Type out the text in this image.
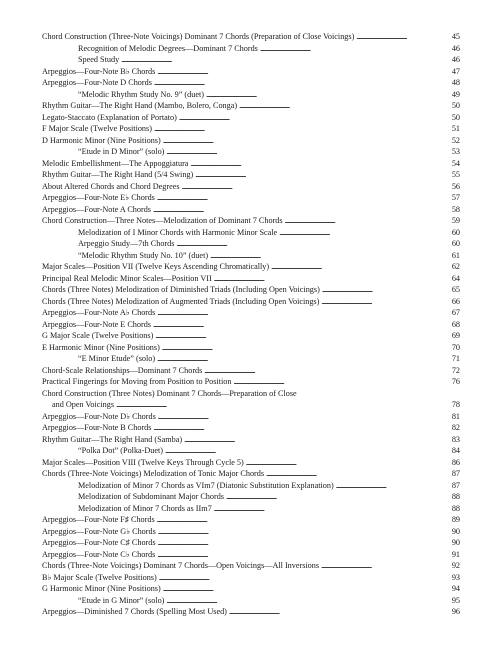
Chord Construction (Three-Note Voicings) Dominant 7 Chords (Preparation of Close Voicings) . . .	45
Recognition of Melodic Degrees—Dominant 7 Chords . . .	46
Speed Study . . .	46
Arpeggios—Four-Note B♭ Chords . . .	47
Arpeggios—Four-Note D Chords . . .	48
“Melodic Rhythm Study No. 9” (duet) . . .	49
Rhythm Guitar—The Right Hand (Mambo, Bolero, Conga) . . .	50
Legato-Staccato (Explanation of Portato) . . .	50
F Major Scale (Twelve Positions) . . .	51
D Harmonic Minor (Nine Positions) . . .	52
“Etude in D Minor” (solo) . . .	53
Melodic Embellishment—The Appoggiatura . . .	54
Rhythm Guitar—The Right Hand (5/4 Swing) . . .	55
About Altered Chords and Chord Degrees . . .	56
Arpeggios—Four-Note E♭ Chords . . .	57
Arpeggios—Four-Note A Chords . . .	58
Chord Construction—Three Notes—Melodization of Dominant 7 Chords . . .	59
Melodization of I Minor Chords with Harmonic Minor Scale . . .	60
Arpeggio Study—7th Chords . . .	60
“Melodic Rhythm Study No. 10” (duet) . . .	61
Major Scales—Position VII (Twelve Keys Ascending Chromatically) . . .	62
Principal Real Melodic Minor Scales—Position VII . . .	64
Chords (Three Notes) Melodization of Diminished Triads (Including Open Voicings) . . .	65
Chords (Three Notes) Melodization of Augmented Triads (Including Open Voicings) . . .	66
Arpeggios—Four-Note A♭ Chords . . .	67
Arpeggios—Four-Note E Chords . . .	68
G Major Scale (Twelve Positions) . . .	69
E Harmonic Minor (Nine Positions) . . .	70
“E Minor Etude” (solo) . . .	71
Chord-Scale Relationships—Dominant 7 Chords . . .	72
Practical Fingerings for Moving from Position to Position . . .	76
Chord Construction (Three Notes) Dominant 7 Chords—Preparation of Close
and Open Voicings . . .	78
Arpeggios—Four-Note D♭ Chords . . .	81
Arpeggios—Four-Note B Chords . . .	82
Rhythm Guitar—The Right Hand (Samba) . . .	83
“Polka Dot” (Polka-Duet) . . .	84
Major Scales—Position VIII (Twelve Keys Through Cycle 5) . . .	86
Chords (Three-Note Voicings) Melodization of Tonic Major Chords . . .	87
Melodization of Minor 7 Chords as VIm7 (Diatonic Substitution Explanation) . . .	87
Melodization of Subdominant Major Chords . . .	88
Melodization of Minor 7 Chords as IIm7 . . .	88
Arpeggios—Four-Note F♯ Chords . . .	89
Arpeggios—Four-Note G♭ Chords . . .	90
Arpeggios—Four-Note C♯ Chords . . .	90
Arpeggios—Four-Note C♭ Chords . . .	91
Chords (Three-Note Voicings) Dominant 7 Chords—Open Voicings—All Inversions . . .	92
B♭ Major Scale (Twelve Positions) . . .	93
G Harmonic Minor (Nine Positions) . . .	94
“Etude in G Minor” (solo) . . .	95
Arpeggios—Diminished 7 Chords (Spelling Most Used) . . .	96
